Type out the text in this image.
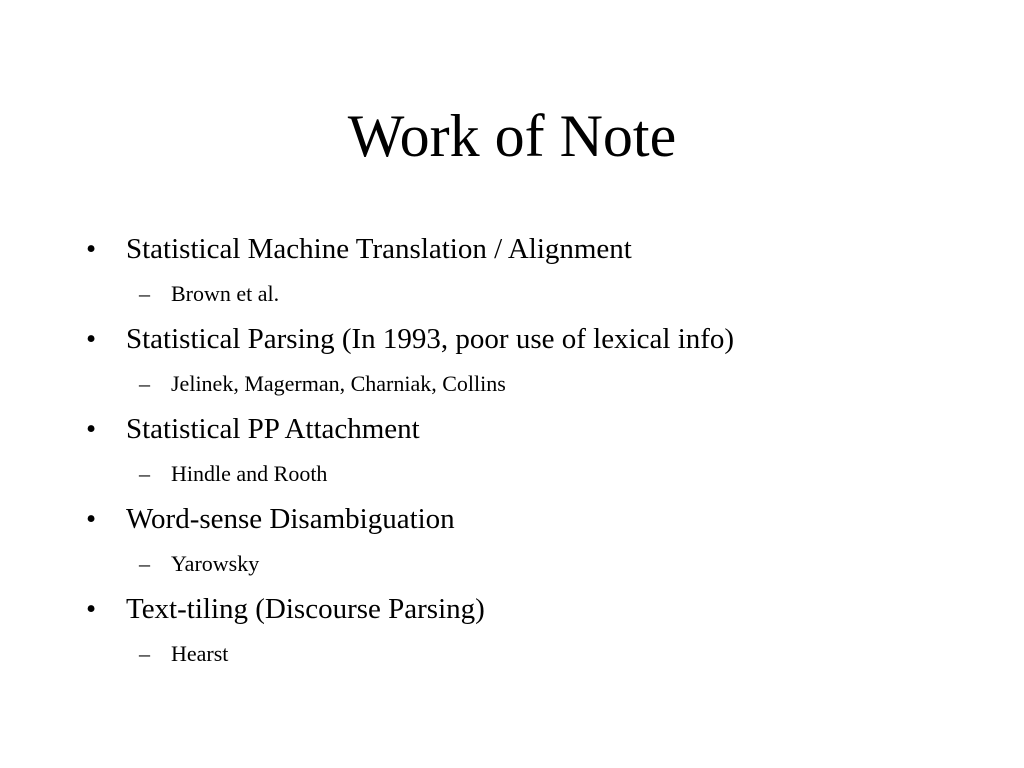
Work of Note
• Statistical Machine Translation / Alignment
– Brown et al.
• Statistical Parsing (In 1993, poor use of lexical info)
– Jelinek, Magerman, Charniak, Collins
• Statistical PP Attachment
– Hindle and Rooth
• Word-sense Disambiguation
– Yarowsky
• Text-tiling (Discourse Parsing)
– Hearst
